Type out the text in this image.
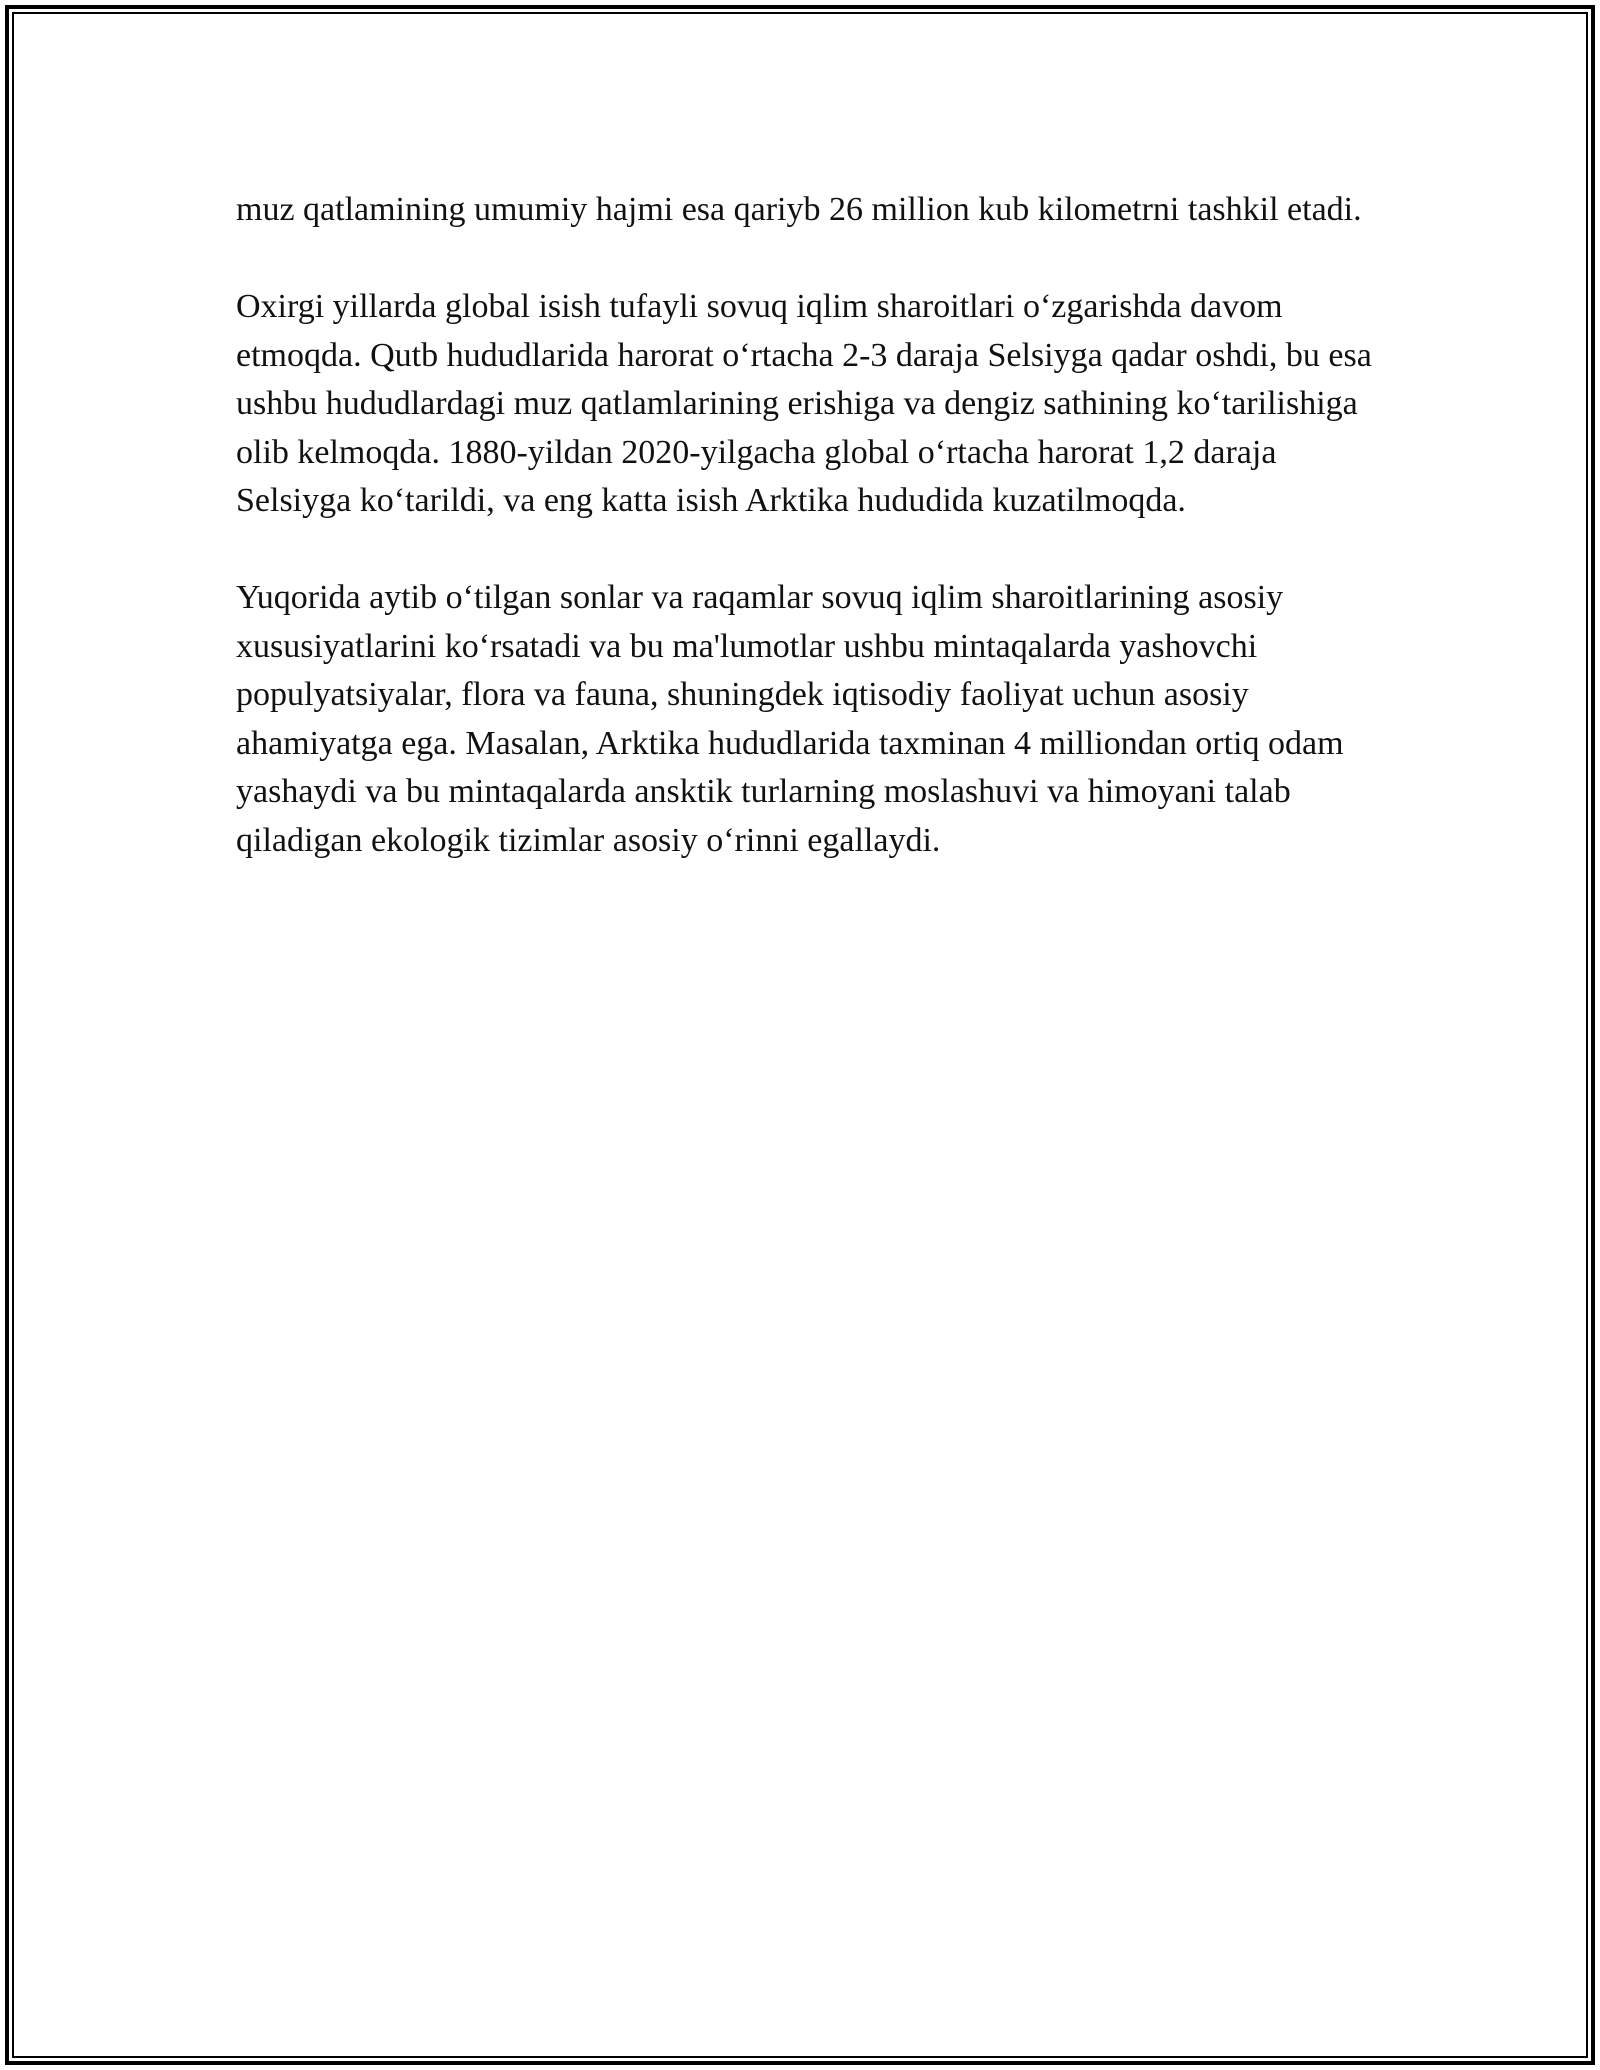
muz qatlamining umumiy hajmi esa qariyb 26 million kub kilometrni tashkil etadi.

Oxirgi yillarda global isish tufayli sovuq iqlim sharoitlari o‘zgarishda davom etmoqda. Qutb hududlarida harorat o‘rtacha 2-3 daraja Selsiyga qadar oshdi, bu esa ushbu hududlardagi muz qatlamlarining erishiga va dengiz sathining ko‘tarilishiga olib kelmoqda. 1880-yildan 2020-yilgacha global o‘rtacha harorat 1,2 daraja Selsiyga ko‘tarildi, va eng katta isish Arktika hududida kuzatilmoqda.

Yuqorida aytib o‘tilgan sonlar va raqamlar sovuq iqlim sharoitlarining asosiy xususiyatlarini ko‘rsatadi va bu ma'lumotlar ushbu mintaqalarda yashovchi populyatsiyalar, flora va fauna, shuningdek iqtisodiy faoliyat uchun asosiy ahamiyatga ega. Masalan, Arktika hududlarida taxminan 4 milliondan ortiq odam yashaydi va bu mintaqalarda ansktik turlarning moslashuvi va himoyani talab qiladigan ekologik tizimlar asosiy o‘rinni egallaydi.
